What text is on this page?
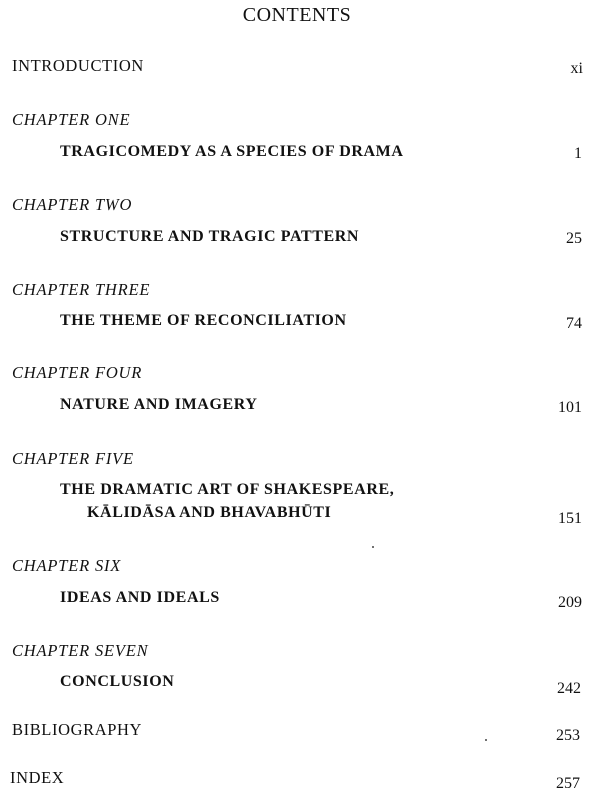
CONTENTS
INTRODUCTION	xi
CHAPTER ONE
TRAGICOMEDY AS A SPECIES OF DRAMA	1
CHAPTER TWO
STRUCTURE AND TRAGIC PATTERN	25
CHAPTER THREE
THE THEME OF RECONCILIATION	74
CHAPTER FOUR
NATURE AND IMAGERY	101
CHAPTER FIVE
THE DRAMATIC ART OF SHAKESPEARE,
KĀLIDĀSA AND BHAVABHŪTI	151
CHAPTER SIX
IDEAS AND IDEALS	209
CHAPTER SEVEN
CONCLUSION	242
BIBLIOGRAPHY	253
INDEX	257
